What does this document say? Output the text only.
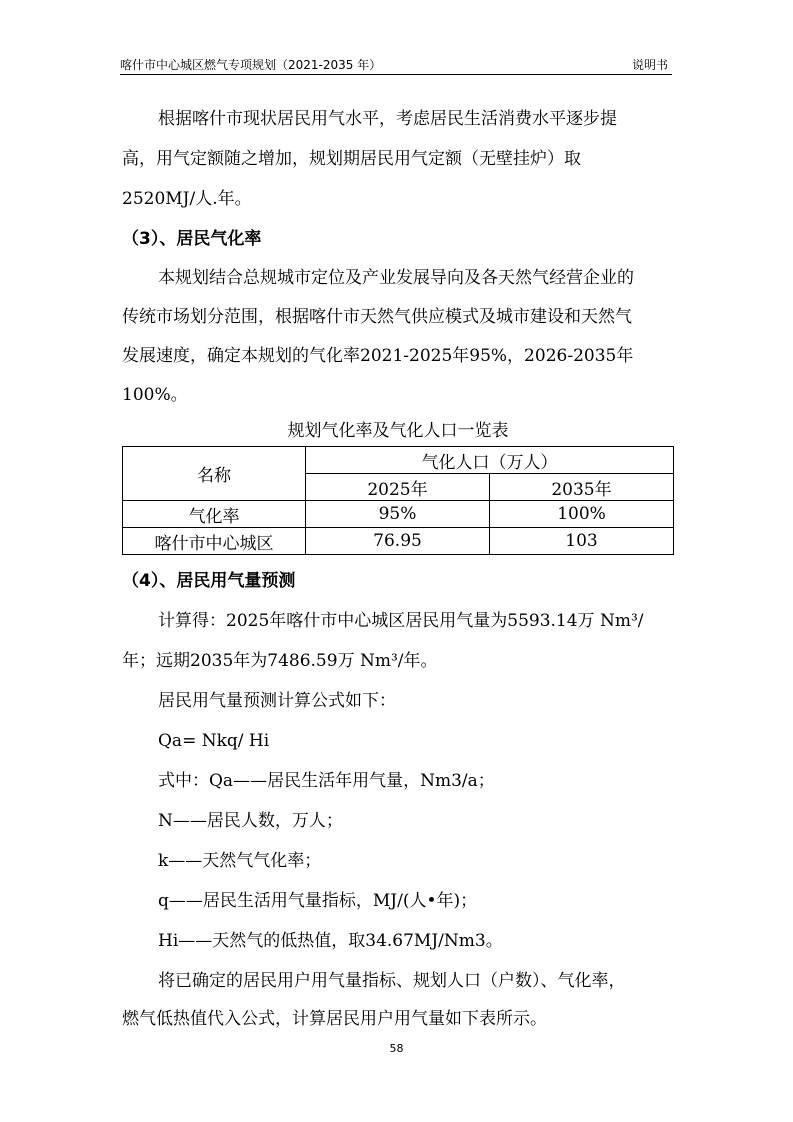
喀什市中心城区燃气专项规划（2021-2035 年）	说明书
根据喀什市现状居民用气水平，考虑居民生活消费水平逐步提
高，用气定额随之增加，规划期居民用气定额（无壁挂炉）取
2520MJ/人.年。
（3）、居民气化率
本规划结合总规城市定位及产业发展导向及各天然气经营企业的
传统市场划分范围，根据喀什市天然气供应模式及城市建设和天然气
发展速度，确定本规划的气化率2021-2025年95%，2026-2035年
100%。
规划气化率及气化人口一览表
名称	气化人口（万人）	
	2025年	2035年
气化率	95%	100%
喀什市中心城区	76.95	103
（4）、居民用气量预测
计算得：2025年喀什市中心城区居民用气量为5593.14万 Nm³/
年；远期2035年为7486.59万 Nm³/年。
居民用气量预测计算公式如下：
Qa= Nkq/ Hi
式中：Qa——居民生活年用气量，Nm3/a；
N——居民人数，万人；
k——天然气气化率；
q——居民生活用气量指标，MJ/(人•年)；
Hi——天然气的低热值，取34.67MJ/Nm3。
将已确定的居民用户用气量指标、规划人口（户数）、气化率，
燃气低热值代入公式，计算居民用户用气量如下表所示。
58
